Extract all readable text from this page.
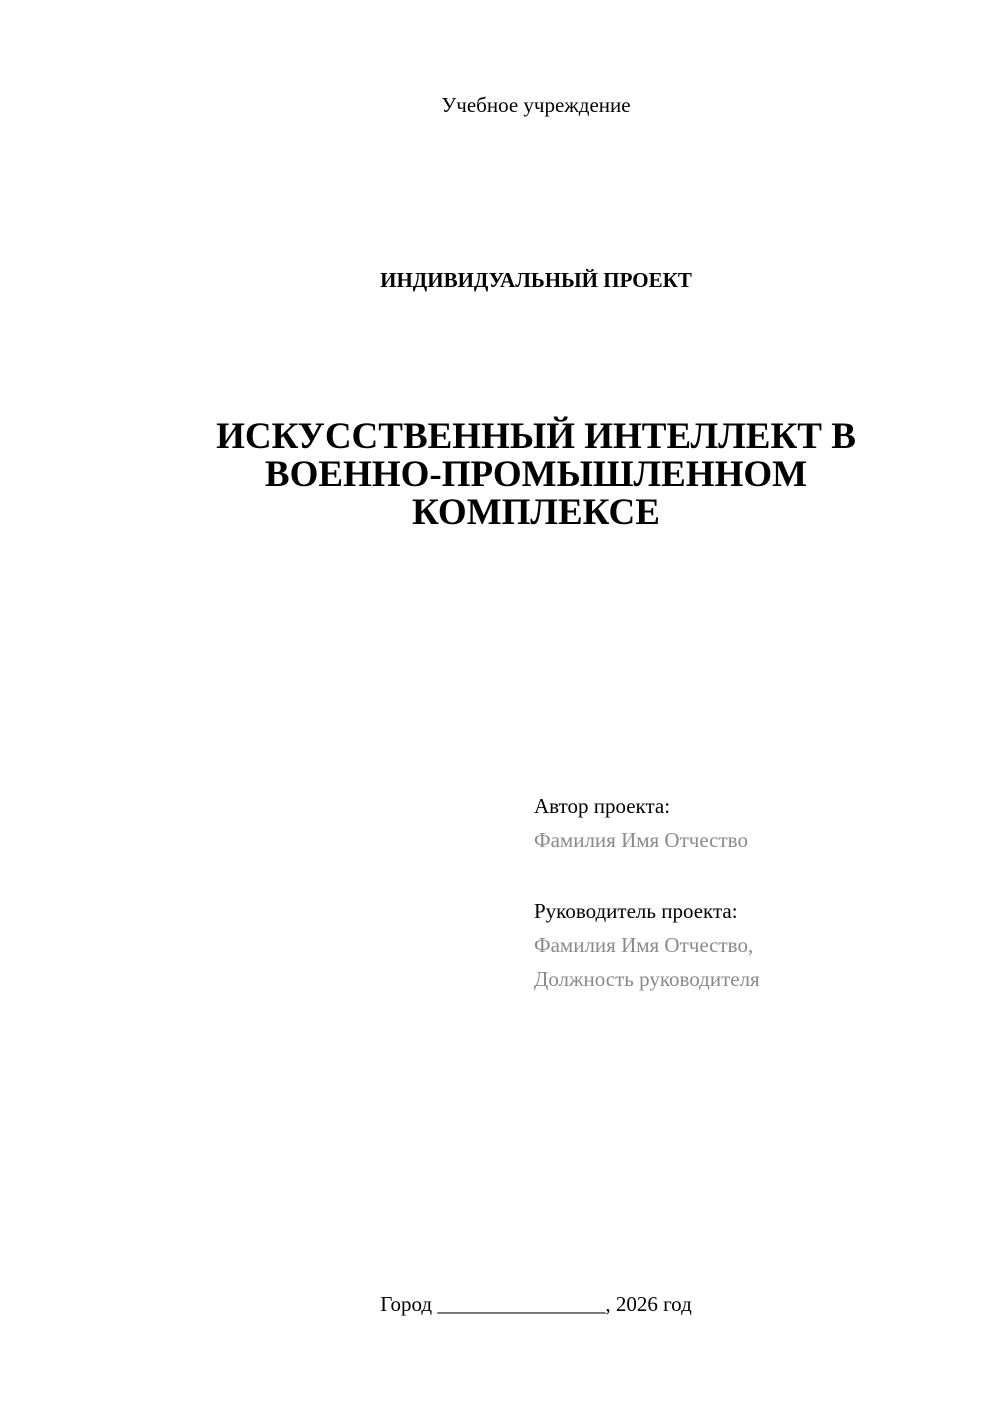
Учебное учреждение
ИНДИВИДУАЛЬНЫЙ ПРОЕКТ
ИСКУССТВЕННЫЙ ИНТЕЛЛЕКТ В
ВОЕННО-ПРОМЫШЛЕННОМ
КОМПЛЕКСЕ
Автор проекта:
Фамилия Имя Отчество
Руководитель проекта:
Фамилия Имя Отчество,
Должность руководителя
Город ________________, 2026 год
